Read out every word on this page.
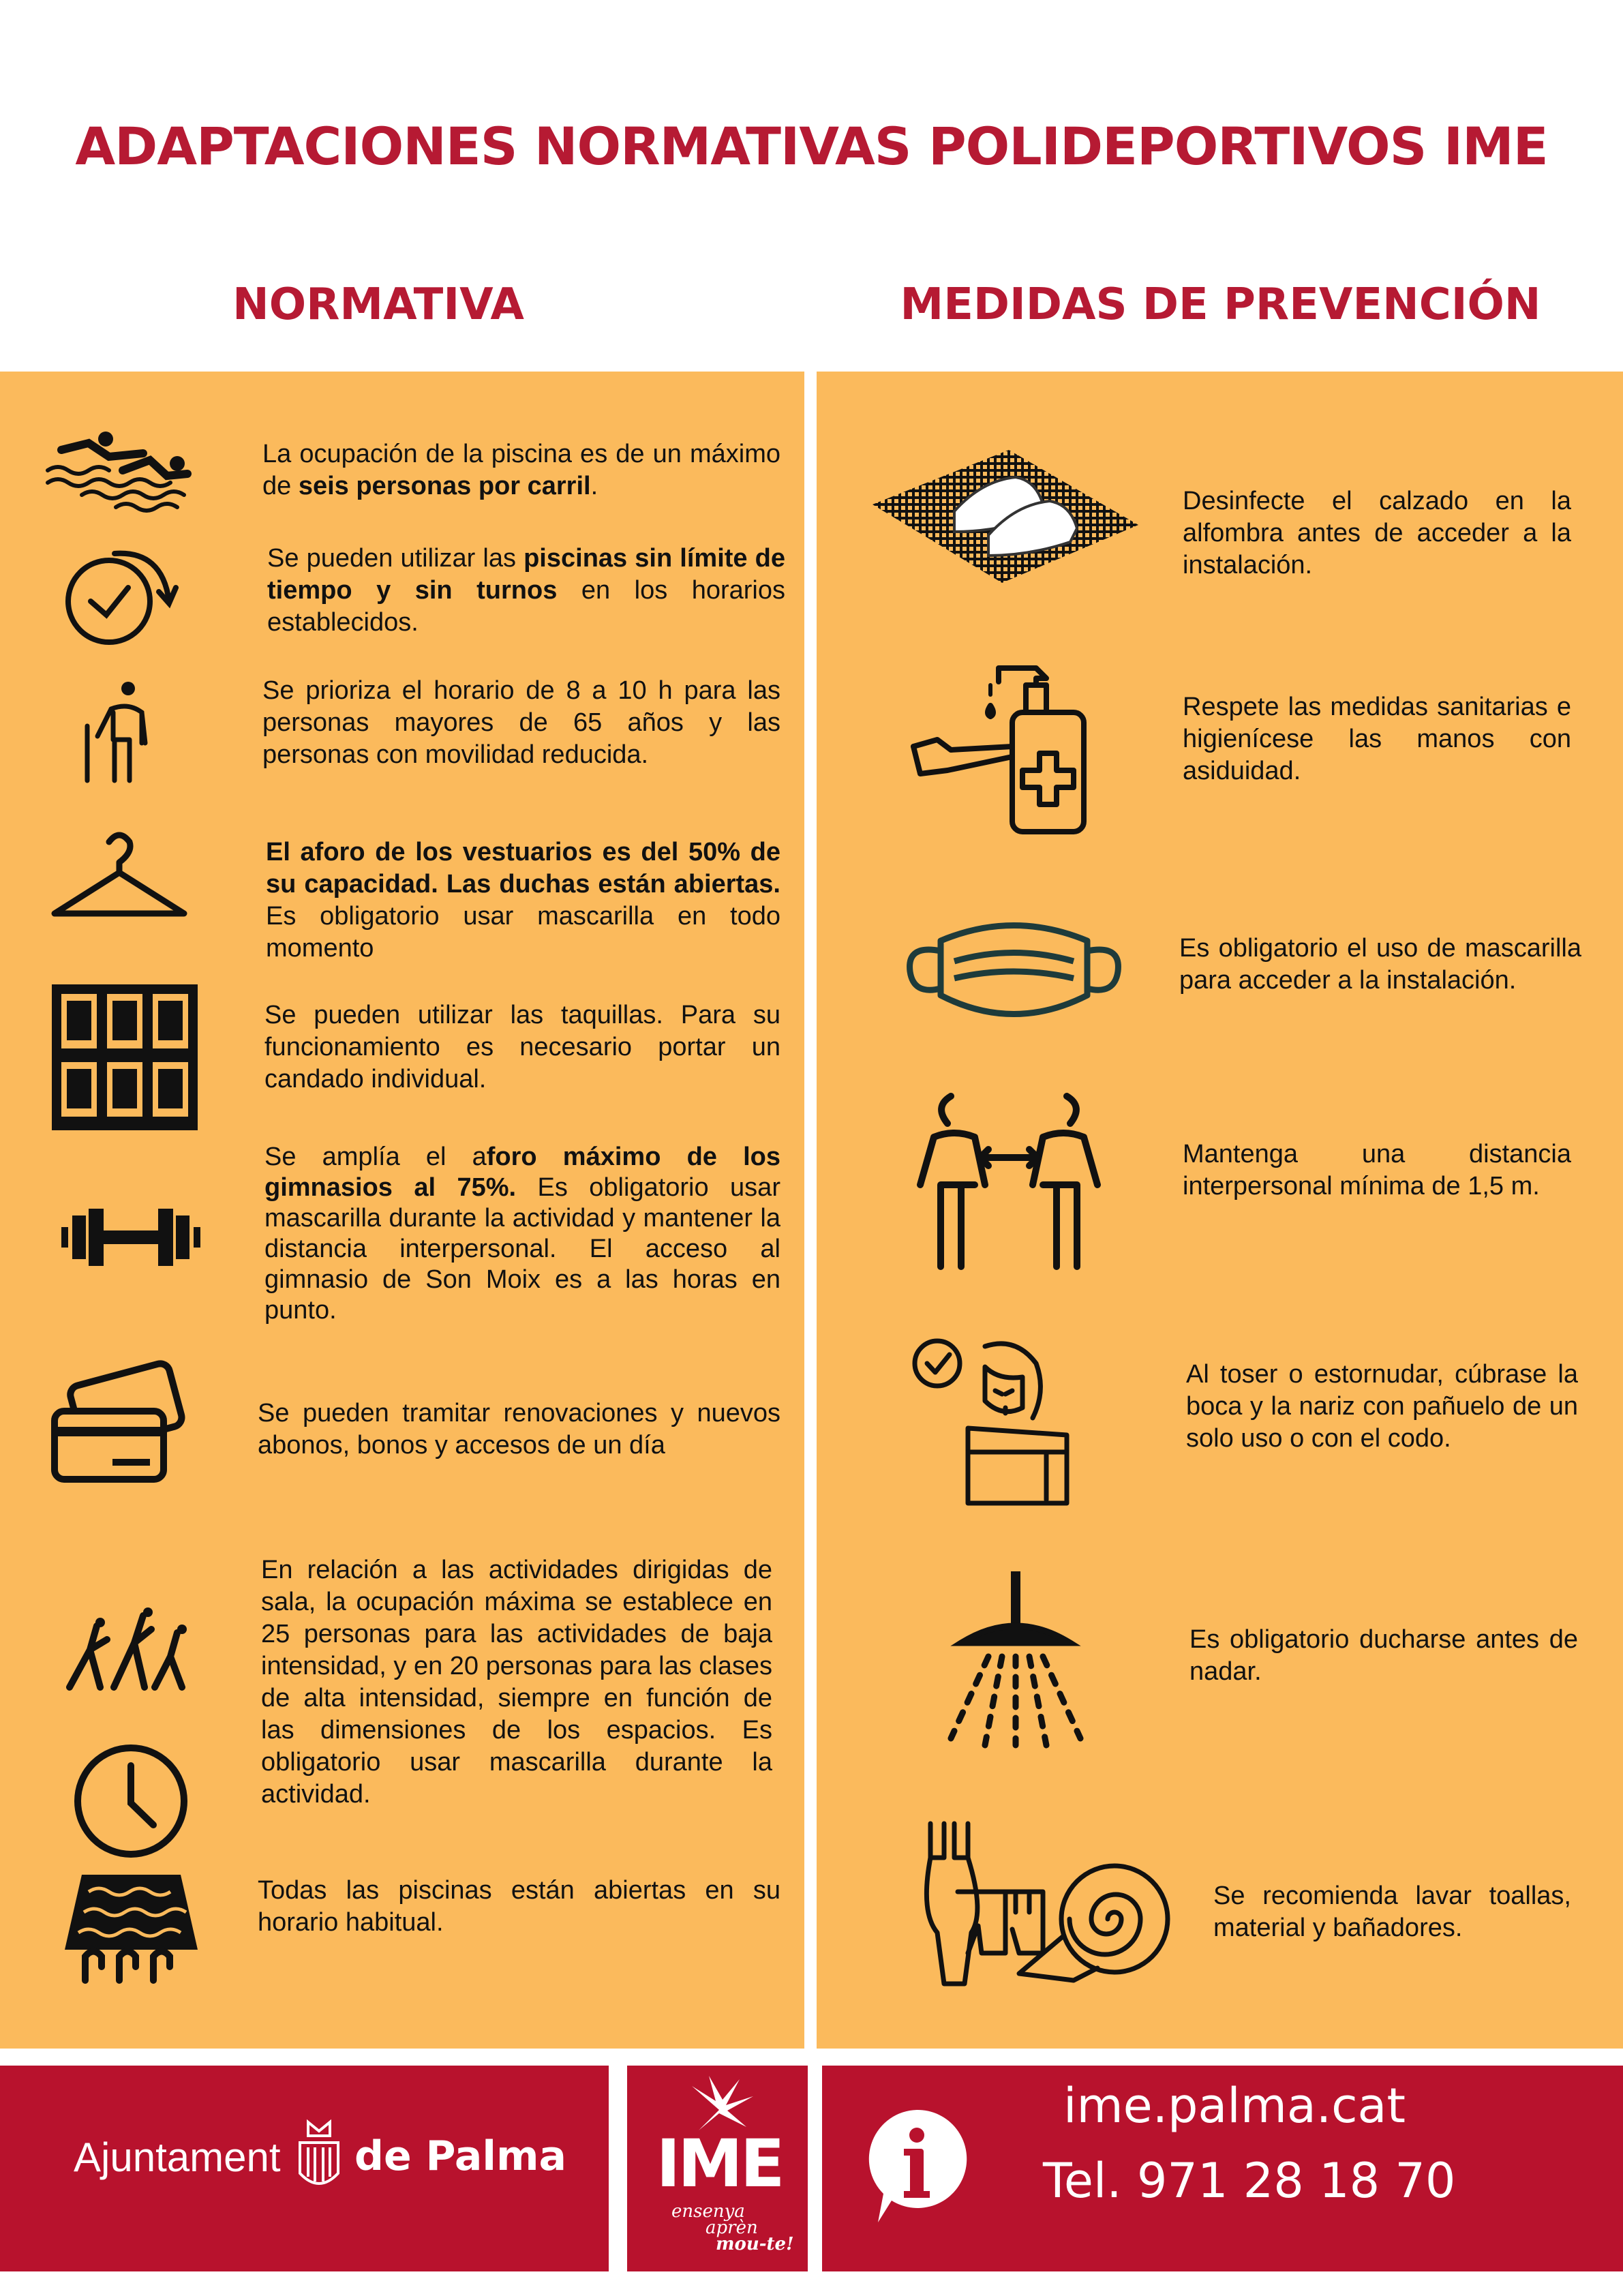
ADAPTACIONES NORMATIVAS POLIDEPORTIVOS IME
NORMATIVA	MEDIDAS DE PREVENCIÓN

La ocupación de la piscina es de un máximo de seis personas por carril.

Se pueden utilizar las piscinas sin límite de tiempo y sin turnos en los horarios establecidos.

Se prioriza el horario de 8 a 10 h para las personas mayores de 65 años y las personas con movilidad reducida.

El aforo de los vestuarios es del 50% de su capacidad. Las duchas están abiertas. Es obligatorio usar mascarilla en todo momento

Se pueden utilizar las taquillas. Para su funcionamiento es necesario portar un candado individual.

Se amplía el aforo máximo de los gimnasios al 75%. Es obligatorio usar mascarilla durante la actividad y mantener la distancia interpersonal. El acceso al gimnasio de Son Moix es a las horas en punto.

Se pueden tramitar renovaciones y nuevos abonos, bonos y accesos de un día

En relación a las actividades dirigidas de sala, la ocupación máxima se establece en 25 personas para las actividades de baja intensidad, y en 20 personas para las clases de alta intensidad, siempre en función de las dimensiones de los espacios. Es obligatorio usar mascarilla durante la actividad.

Todas las piscinas están abiertas en su horario habitual.

Desinfecte el calzado en la alfombra antes de acceder a la instalación.

Respete las medidas sanitarias e higienícese las manos con asiduidad.

Es obligatorio el uso de mascarilla para acceder a la instalación.

Mantenga una distancia interpersonal mínima de 1,5 m.

Al toser o estornudar, cúbrase la boca y la nariz con pañuelo de un solo uso o con el codo.

Es obligatorio ducharse antes de nadar.

Se recomienda lavar toallas, material y bañadores.

Ajuntament de Palma IME
ensenya
aprèn
mou-te!
ime.palma.cat
Tel. 971 28 18 70
